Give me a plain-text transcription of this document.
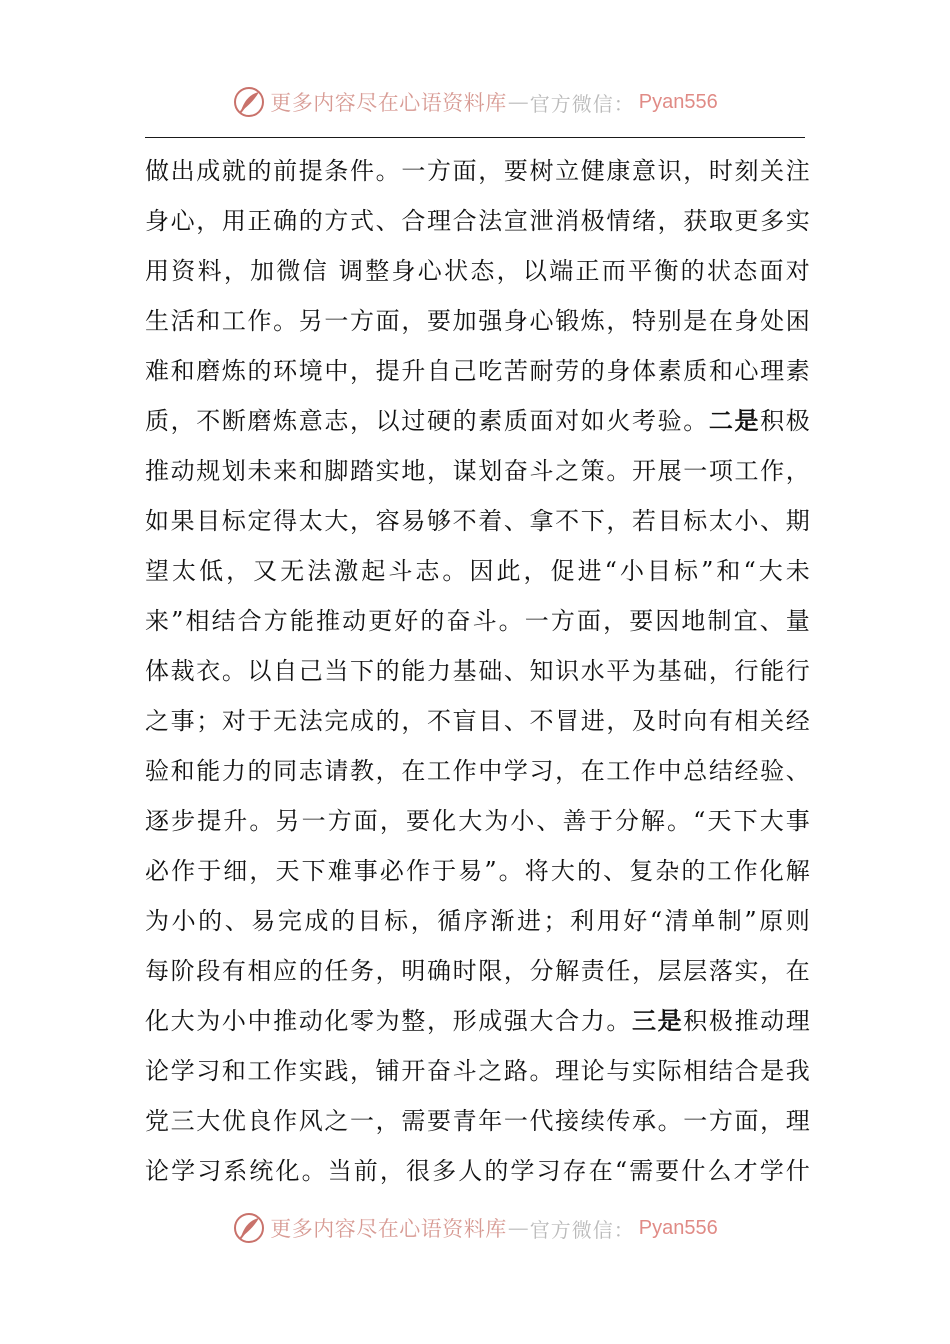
更多内容尽在心语资料库 — 官方微信： Pyan556
做出成就的前提条件。一方面，要树立健康意识，时刻关注
身心，用正确的方式、合理合法宣泄消极情绪，获取更多实
用资料，加微信 调整身心状态，以端正而平衡的状态面对
生活和工作。另一方面，要加强身心锻炼，特别是在身处困
难和磨炼的环境中，提升自己吃苦耐劳的身体素质和心理素
质，不断磨炼意志，以过硬的素质面对如火考验。二是积极
推动规划未来和脚踏实地，谋划奋斗之策。开展一项工作，
如果目标定得太大，容易够不着、拿不下，若目标太小、期
望太低，又无法激起斗志。因此，促进“小目标”和“大未
来”相结合方能推动更好的奋斗。一方面，要因地制宜、量
体裁衣。以自己当下的能力基础、知识水平为基础，行能行
之事；对于无法完成的，不盲目、不冒进，及时向有相关经
验和能力的同志请教，在工作中学习，在工作中总结经验、
逐步提升。另一方面，要化大为小、善于分解。“天下大事
必作于细，天下难事必作于易”。将大的、复杂的工作化解
为小的、易完成的目标，循序渐进；利用好“清单制”原则
每阶段有相应的任务，明确时限，分解责任，层层落实，在
化大为小中推动化零为整，形成强大合力。三是积极推动理
论学习和工作实践，铺开奋斗之路。理论与实际相结合是我
党三大优良作风之一，需要青年一代接续传承。一方面，理
论学习系统化。当前，很多人的学习存在“需要什么才学什
更多内容尽在心语资料库 — 官方微信： Pyan556
